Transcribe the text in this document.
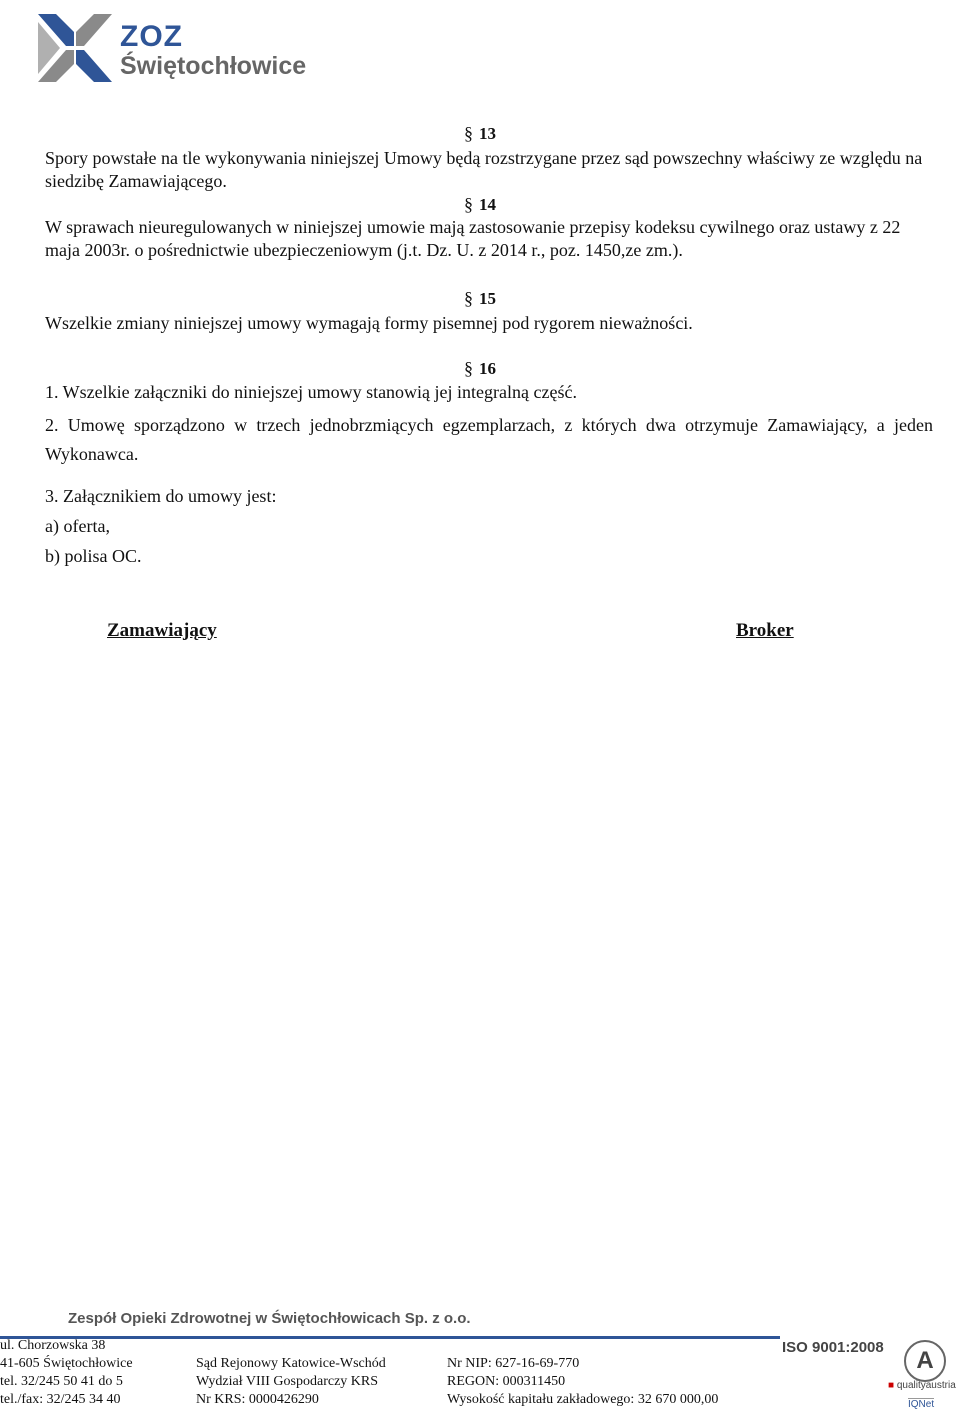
ZOZ
Świętochłowice
§ 13
Spory powstałe na tle wykonywania niniejszej Umowy będą rozstrzygane przez sąd powszechny właściwy ze względu na siedzibę Zamawiającego.
§ 14
W sprawach nieuregulowanych w niniejszej umowie mają zastosowanie przepisy kodeksu cywilnego oraz ustawy z 22 maja 2003r. o pośrednictwie ubezpieczeniowym (j.t. Dz. U. z 2014 r., poz. 1450,ze zm.).
§ 15
Wszelkie zmiany niniejszej umowy wymagają formy pisemnej pod rygorem nieważności.
§ 16
1. Wszelkie załączniki do niniejszej umowy stanowią jej integralną część.
2. Umowę sporządzono w trzech jednobrzmiących egzemplarzach, z których dwa otrzymuje Zamawiający, a jeden Wykonawca.
3. Załącznikiem do umowy jest:
a) oferta,
b) polisa OC.
Zamawiający	Broker
Zespół Opieki Zdrowotnej w Świętochłowicach Sp. z o.o.
ul. Chorzowska 38
41-605 Świętochłowice
tel. 32/245 50 41 do 5
tel./fax: 32/245 34 40
Sąd Rejonowy Katowice-Wschód
Wydział VIII Gospodarczy KRS
Nr KRS: 0000426290
Nr NIP: 627-16-69-770
REGON: 000311450
Wysokość kapitału zakładowego: 32 670 000,00
ISO 9001:2008	A
■ qualityaustria
IQNet
